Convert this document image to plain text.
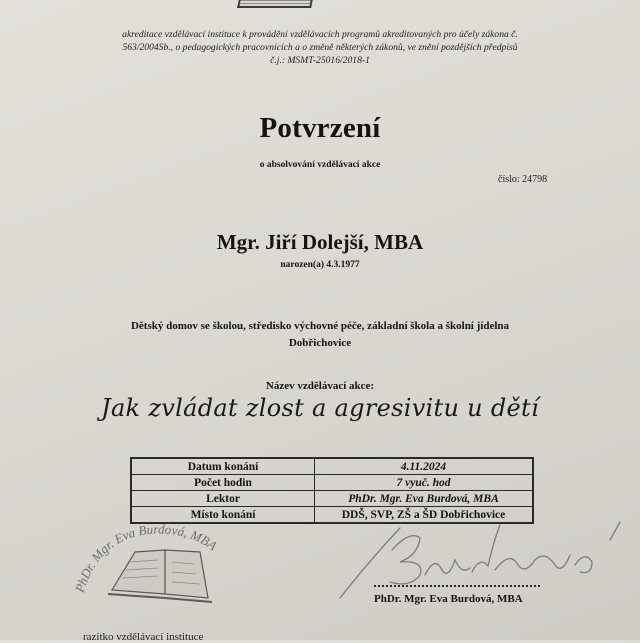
akreditace vzdělávací instituce k provádění vzdělávacích programů akreditovaných pro účely zákona č.
563/2004Sb., o pedagogických pracovnících a o změně některých zákonů, ve znění pozdějších předpisů
č.j.: MSMT-25016/2018-1
Potvrzení
o absolvování vzdělávací akce
číslo: 24798
Mgr. Jiří Dolejší, MBA
narozen(a) 4.3.1977
Dětský domov se školou, středisko výchovné péče, základní škola a školní jídelna
Dobřichovice
Název vzdělávací akce:
Jak zvládat zlost a agresivitu u dětí
Datum konání	4.11.2024
Počet hodin	7 vyuč. hod
Lektor	PhDr. Mgr. Eva Burdová, MBA
Místo konání	DDŠ, SVP, ZŠ a ŠD Dobřichovice
PhDr. Mgr. Eva Burdová, MBA
PhDr. Mgr. Eva Burdová, MBA
razítko vzdělávací instituce
